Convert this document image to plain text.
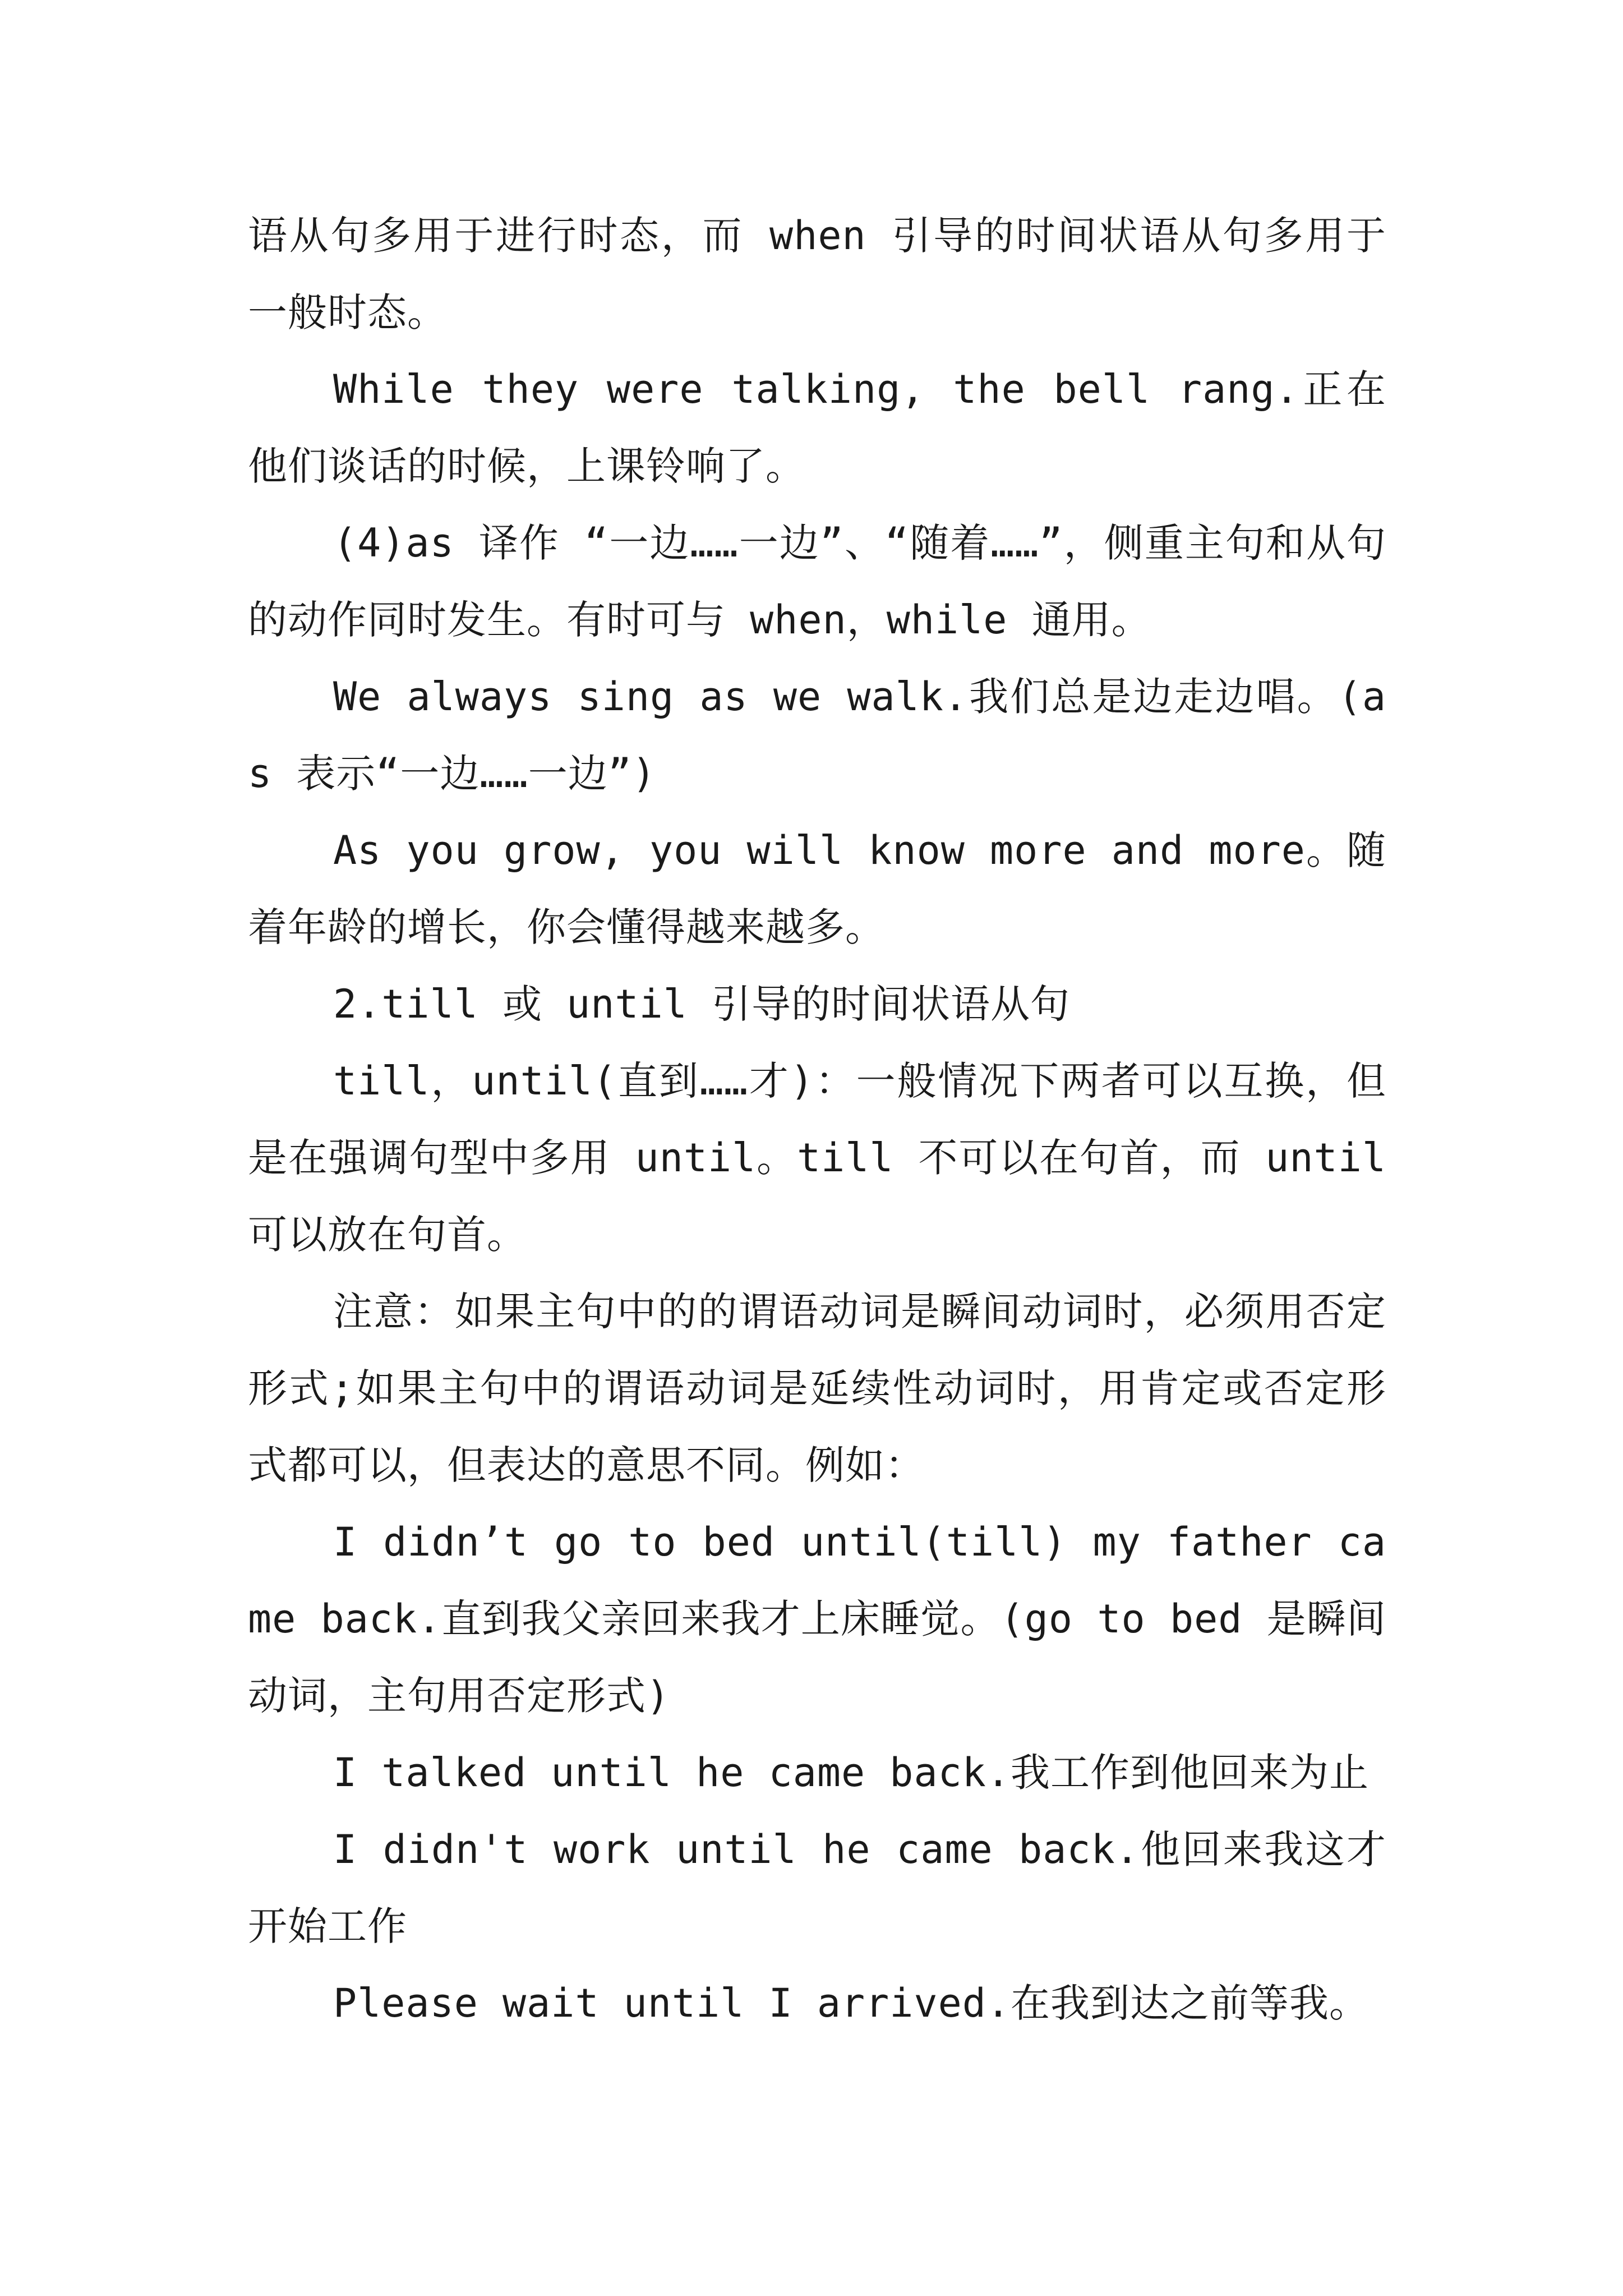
语从句多用于进行时态，而 when 引导的时间状语从句多用于一般时态。

While they were talking, the bell rang.正在他们谈话的时候，上课铃响了。

(4)as 译作 “一边……一边”、“随着……”，侧重主句和从句的动作同时发生。有时可与 when，while 通用。

We always sing as we walk.我们总是边走边唱。(as 表示“一边……一边”)

As you grow, you will know more and more。随着年龄的增长，你会懂得越来越多。

2.till 或 until 引导的时间状语从句

till，until(直到……才)：一般情况下两者可以互换，但是在强调句型中多用 until。till 不可以在句首，而 until 可以放在句首。

注意：如果主句中的的谓语动词是瞬间动词时，必须用否定形式;如果主句中的谓语动词是延续性动词时，用肯定或否定形式都可以，但表达的意思不同。例如：

I didn’t go to bed until(till) my father came back.直到我父亲回来我才上床睡觉。(go to bed 是瞬间动词，主句用否定形式)

I talked until he came back.我工作到他回来为止

I didn't work until he came back.他回来我这才开始工作

Please wait until I arrived.在我到达之前等我。
